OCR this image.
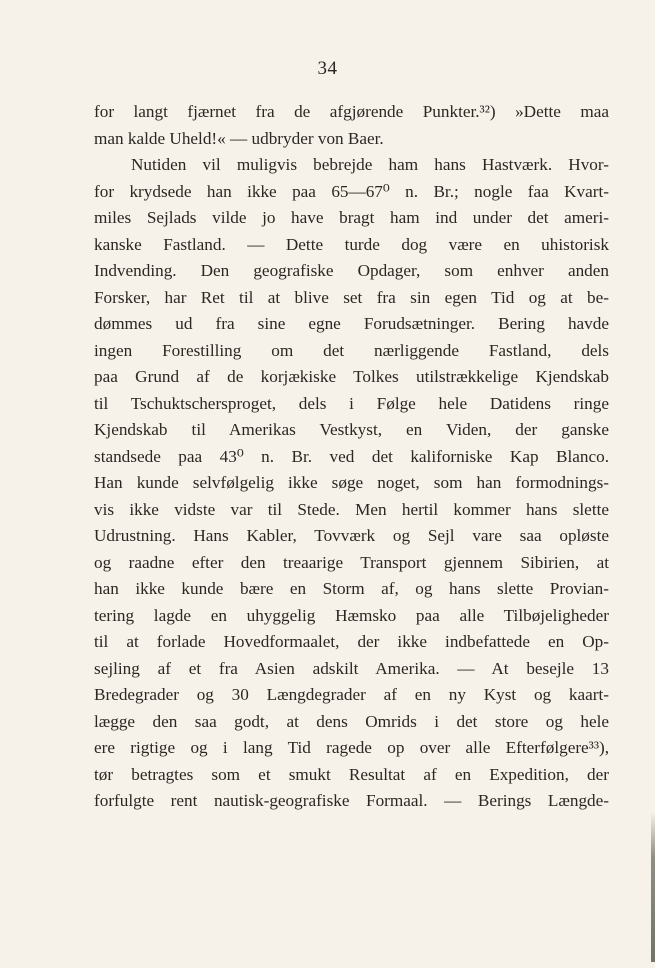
34
for langt fjærnet fra de afgjørende Punkter.³²) »Dette maa
man kalde Uheld!« — udbryder von Baer.
Nutiden vil muligvis bebrejde ham hans Hastværk. Hvor-
for krydsede han ikke paa 65—67⁰ n. Br.; nogle faa Kvart-
miles Sejlads vilde jo have bragt ham ind under det ameri-
kanske Fastland. — Dette turde dog være en uhistorisk
Indvending. Den geografiske Opdager, som enhver anden
Forsker, har Ret til at blive set fra sin egen Tid og at be-
dømmes ud fra sine egne Forudsætninger. Bering havde
ingen Forestilling om det nærliggende Fastland, dels
paa Grund af de korjækiske Tolkes utilstrækkelige Kjendskab
til Tschuktschersproget, dels i Følge hele Datidens ringe
Kjendskab til Amerikas Vestkyst, en Viden, der ganske
standsede paa 43⁰ n. Br. ved det kaliforniske Kap Blanco.
Han kunde selvfølgelig ikke søge noget, som han formodnings-
vis ikke vidste var til Stede. Men hertil kommer hans slette
Udrustning. Hans Kabler, Tovværk og Sejl vare saa opløste
og raadne efter den treaarige Transport gjennem Sibirien, at
han ikke kunde bære en Storm af, og hans slette Provian-
tering lagde en uhyggelig Hæmsko paa alle Tilbøjeligheder
til at forlade Hovedformaalet, der ikke indbefattede en Op-
sejling af et fra Asien adskilt Amerika. — At besejle 13
Bredegrader og 30 Længdegrader af en ny Kyst og kaart-
lægge den saa godt, at dens Omrids i det store og hele
ere rigtige og i lang Tid ragede op over alle Efterfølgere³³),
tør betragtes som et smukt Resultat af en Expedition, der
forfulgte rent nautisk-geografiske Formaal. — Berings Længde-
